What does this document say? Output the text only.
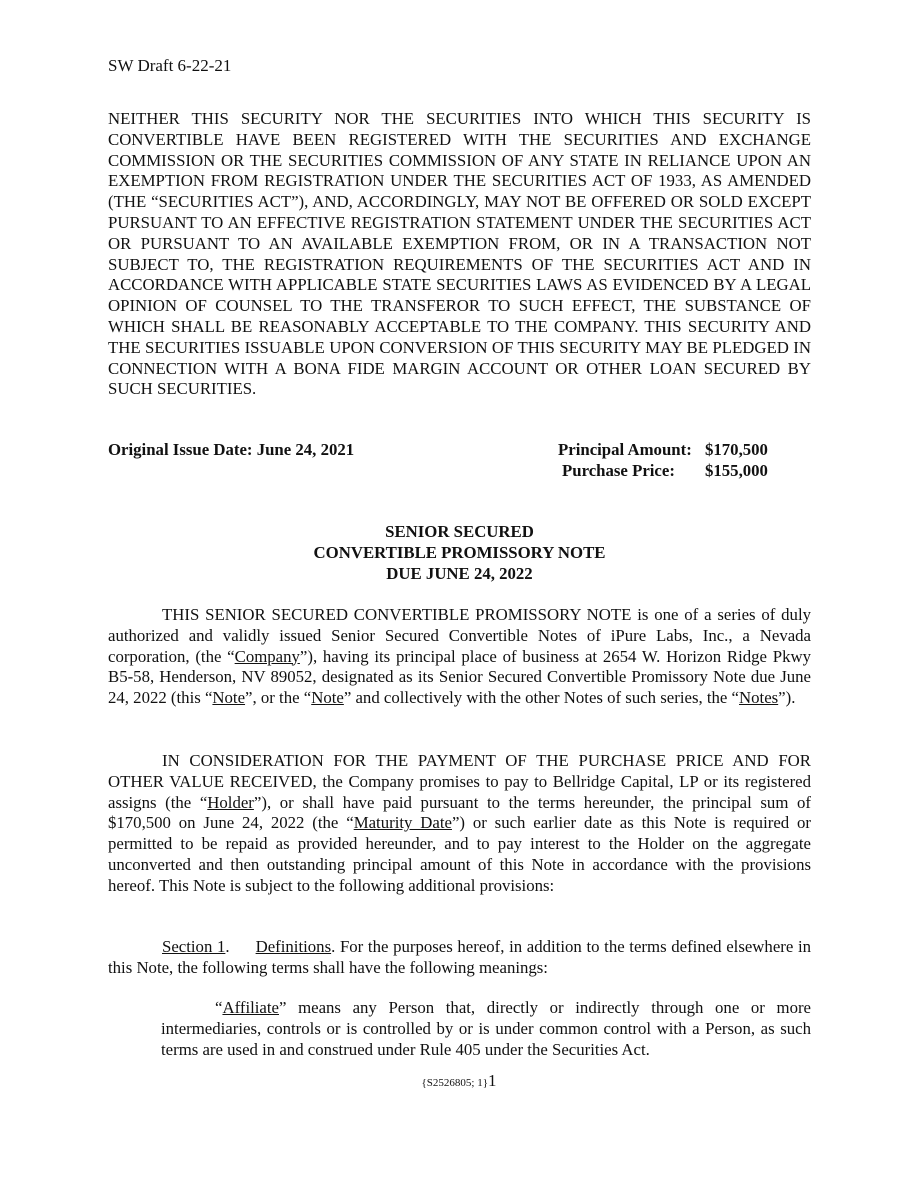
SW Draft 6-22-21
NEITHER THIS SECURITY NOR THE SECURITIES INTO WHICH THIS SECURITY IS CONVERTIBLE HAVE BEEN REGISTERED WITH THE SECURITIES AND EXCHANGE COMMISSION OR THE SECURITIES COMMISSION OF ANY STATE IN RELIANCE UPON AN EXEMPTION FROM REGISTRATION UNDER THE SECURITIES ACT OF 1933, AS AMENDED (THE “SECURITIES ACT”), AND, ACCORDINGLY, MAY NOT BE OFFERED OR SOLD EXCEPT PURSUANT TO AN EFFECTIVE REGISTRATION STATEMENT UNDER THE SECURITIES ACT OR PURSUANT TO AN AVAILABLE EXEMPTION FROM, OR IN A TRANSACTION NOT SUBJECT TO, THE REGISTRATION REQUIREMENTS OF THE SECURITIES ACT AND IN ACCORDANCE WITH APPLICABLE STATE SECURITIES LAWS AS EVIDENCED BY A LEGAL OPINION OF COUNSEL TO THE TRANSFEROR TO SUCH EFFECT, THE SUBSTANCE OF WHICH SHALL BE REASONABLY ACCEPTABLE TO THE COMPANY. THIS SECURITY AND THE SECURITIES ISSUABLE UPON CONVERSION OF THIS SECURITY MAY BE PLEDGED IN CONNECTION WITH A BONA FIDE MARGIN ACCOUNT OR OTHER LOAN SECURED BY SUCH SECURITIES.
Original Issue Date: June 24, 2021	Principal Amount: $170,500
Purchase Price:	$155,000
SENIOR SECURED
CONVERTIBLE PROMISSORY NOTE
DUE JUNE 24, 2022
THIS SENIOR SECURED CONVERTIBLE PROMISSORY NOTE is one of a series of duly authorized and validly issued Senior Secured Convertible Notes of iPure Labs, Inc., a Nevada corporation, (the “Company”), having its principal place of business at 2654 W. Horizon Ridge Pkwy B5-58, Henderson, NV 89052, designated as its Senior Secured Convertible Promissory Note due June 24, 2022 (this “Note”, or the “Note” and collectively with the other Notes of such series, the “Notes”).
IN CONSIDERATION FOR THE PAYMENT OF THE PURCHASE PRICE AND FOR OTHER VALUE RECEIVED, the Company promises to pay to Bellridge Capital, LP or its registered assigns (the “Holder”), or shall have paid pursuant to the terms hereunder, the principal sum of $170,500 on June 24, 2022 (the “Maturity Date”) or such earlier date as this Note is required or permitted to be repaid as provided hereunder, and to pay interest to the Holder on the aggregate unconverted and then outstanding principal amount of this Note in accordance with the provisions hereof. This Note is subject to the following additional provisions:
Section 1. Definitions. For the purposes hereof, in addition to the terms defined elsewhere in this Note, the following terms shall have the following meanings:
“Affiliate” means any Person that, directly or indirectly through one or more intermediaries, controls or is controlled by or is under common control with a Person, as such terms are used in and construed under Rule 405 under the Securities Act.
{S2526805; 1}1
